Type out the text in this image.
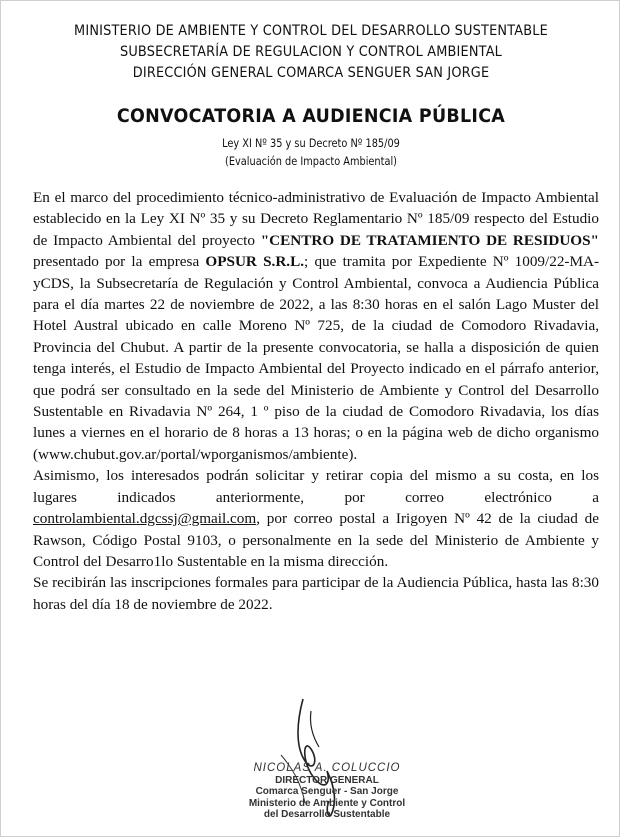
MINISTERIO DE AMBIENTE Y CONTROL DEL DESARROLLO SUSTENTABLE
SUBSECRETARÍA DE REGULACION Y CONTROL AMBIENTAL
DIRECCIÓN GENERAL COMARCA SENGUER SAN JORGE
CONVOCATORIA A AUDIENCIA PÚBLICA
Ley XI Nº 35 y su Decreto Nº 185/09
(Evaluación de Impacto Ambiental)

En el marco del procedimiento técnico-administrativo de Evaluación de Impacto Ambiental establecido en la Ley XI Nº 35 y su Decreto Reglamentario Nº 185/09 respecto del Estudio de Impacto Ambiental del proyecto "CENTRO DE TRATAMIENTO DE RESIDUOS" presentado por la empresa OPSUR S.R.L.; que tramita por Expediente Nº 1009/22-MA-yCDS, la Subsecretaría de Regulación y Control Ambiental, convoca a Audiencia Pública para el día martes 22 de noviembre de 2022, a las 8:30 horas en el salón Lago Muster del Hotel Austral ubicado en calle Moreno Nº 725, de la ciudad de Comodoro Rivadavia, Provincia del Chubut. A partir de la presente convocatoria, se halla a disposición de quien tenga interés, el Estudio de Impacto Ambiental del Proyecto indicado en el párrafo anterior, que podrá ser consultado en la sede del Ministerio de Ambiente y Control del Desarrollo Sustentable en Rivadavia Nº 264, 1 º piso de la ciudad de Comodoro Rivadavia, los días lunes a viernes en el horario de 8 horas a 13 horas; o en la página web de dicho organismo (www.chubut.gov.ar/portal/wporganismos/ambiente).

Asimismo, los interesados podrán solicitar y retirar copia del mismo a su costa, en los lugares indicados anteriormente, por correo electrónico a controlambiental.dgcssj@gmail.com, por correo postal a Irigoyen Nº 42 de la ciudad de Rawson, Código Postal 9103, o personalmente en la sede del Ministerio de Ambiente y Control del Desarro1lo Sustentable en la misma dirección.

Se recibirán las inscripciones formales para participar de la Audiencia Pública, hasta las 8:30 horas del día 18 de noviembre de 2022.

NICOLAS A. COLUCCIO
DIRECTOR GENERAL
Comarca Senguer - San Jorge
Ministerio de Ambiente y Control
del Desarrollo Sustentable
